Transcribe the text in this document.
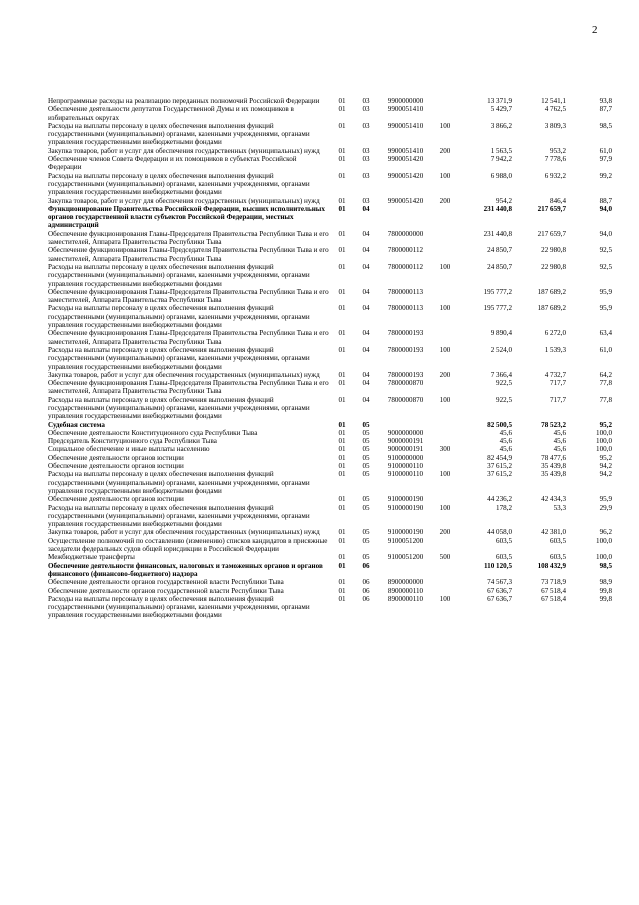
2
Непрограммные расходы на реализацию переданных полномочий Российской Федерации	01	03	9900000000		13 371,9	12 541,1	93,8
Обеспечение деятельности депутатов Государственной Думы и их помощников в избирательных округах	01	03	9900051410		5 429,7	4 762,5	87,7
Расходы на выплаты персоналу в целях обеспечения выполнения функций государственными (муниципальными) органами, казенными учреждениями, органами управления государственными внебюджетными фондами	01	03	9900051410	100	3 866,2	3 809,3	98,5
Закупка товаров, работ и услуг для обеспечения государственных (муниципальных) нужд	01	03	9900051410	200	1 563,5	953,2	61,0
Обеспечение членов Совета Федерации и их помощников в субъектах Российской Федерации	01	03	9900051420		7 942,2	7 778,6	97,9
Расходы на выплаты персоналу в целях обеспечения выполнения функций государственными (муниципальными) органами, казенными учреждениями, органами управления государственными внебюджетными фондами	01	03	9900051420	100	6 988,0	6 932,2	99,2
Закупка товаров, работ и услуг для обеспечения государственных (муниципальных) нужд	01	03	9900051420	200	954,2	846,4	88,7
Функционирование Правительства Российской Федерации, высших исполнительных органов государственной власти субъектов Российской Федерации, местных администраций	01	04			231 440,8	217 659,7	94,0
Обеспечение функционирования Главы-Председателя Правительства Республики Тыва и его заместителей, Аппарата Правительства Республики Тыва	01	04	7800000000		231 440,8	217 659,7	94,0
Обеспечение функционирования Главы-Председателя Правительства Республики Тыва и его заместителей, Аппарата Правительства Республики Тыва	01	04	7800000112		24 850,7	22 980,8	92,5
Расходы на выплаты персоналу в целях обеспечения выполнения функций государственными (муниципальными) органами, казенными учреждениями, органами управления государственными внебюджетными фондами	01	04	7800000112	100	24 850,7	22 980,8	92,5
Обеспечение функционирования Главы-Председателя Правительства Республики Тыва и его заместителей, Аппарата Правительства Республики Тыва	01	04	7800000113		195 777,2	187 689,2	95,9
Расходы на выплаты персоналу в целях обеспечения выполнения функций государственными (муниципальными) органами, казенными учреждениями, органами управления государственными внебюджетными фондами	01	04	7800000113	100	195 777,2	187 689,2	95,9
Обеспечение функционирования Главы-Председателя Правительства Республики Тыва и его заместителей, Аппарата Правительства Республики Тыва	01	04	7800000193		9 890,4	6 272,0	63,4
Расходы на выплаты персоналу в целях обеспечения выполнения функций государственными (муниципальными) органами, казенными учреждениями, органами управления государственными внебюджетными фондами	01	04	7800000193	100	2 524,0	1 539,3	61,0
Закупка товаров, работ и услуг для обеспечения государственных (муниципальных) нужд	01	04	7800000193	200	7 366,4	4 732,7	64,2
Обеспечение функционирования Главы-Председателя Правительства Республики Тыва и его заместителей, Аппарата Правительства Республики Тыва	01	04	7800000870		922,5	717,7	77,8
Расходы на выплаты персоналу в целях обеспечения выполнения функций государственными (муниципальными) органами, казенными учреждениями, органами управления государственными внебюджетными фондами	01	04	7800000870	100	922,5	717,7	77,8
Судебная система	01	05			82 500,5	78 523,2	95,2
Обеспечение деятельности Конституционного суда Республики Тыва	01	05	9000000000		45,6	45,6	100,0
Председатель Конституционного суда Республики Тыва	01	05	9000000191		45,6	45,6	100,0
Социальное обеспечение и иные выплаты населению	01	05	9000000191	300	45,6	45,6	100,0
Обеспечение деятельности органов юстиции	01	05	9100000000		82 454,9	78 477,6	95,2
Обеспечение деятельности органов юстиции	01	05	9100000110		37 615,2	35 439,8	94,2
Расходы на выплаты персоналу в целях обеспечения выполнения функций государственными (муниципальными) органами, казенными учреждениями, органами управления государственными внебюджетными фондами	01	05	9100000110	100	37 615,2	35 439,8	94,2
Обеспечение деятельности органов юстиции	01	05	9100000190		44 236,2	42 434,3	95,9
Расходы на выплаты персоналу в целях обеспечения выполнения функций государственными (муниципальными) органами, казенными учреждениями, органами управления государственными внебюджетными фондами	01	05	9100000190	100	178,2	53,3	29,9
Закупка товаров, работ и услуг для обеспечения государственных (муниципальных) нужд	01	05	9100000190	200	44 058,0	42 381,0	96,2
Осуществление полномочий по составлению (изменению) списков кандидатов в присяжные заседатели федеральных судов общей юрисдикции в Российской Федерации	01	05	9100051200		603,5	603,5	100,0
Межбюджетные трансферты	01	05	9100051200	500	603,5	603,5	100,0
Обеспечение деятельности финансовых, налоговых и таможенных органов и органов финансового (финансово-бюджетного) надзора	01	06			110 120,5	108 432,9	98,5
Обеспечение деятельности органов государственной власти Республики Тыва	01	06	8900000000		74 567,3	73 718,9	98,9
Обеспечение деятельности органов государственной власти Республики Тыва	01	06	8900000110		67 636,7	67 518,4	99,8
Расходы на выплаты персоналу в целях обеспечения выполнения функций государственными (муниципальными) органами, казенными учреждениями, органами управления государственными внебюджетными фондами	01	06	8900000110	100	67 636,7	67 518,4	99,8
